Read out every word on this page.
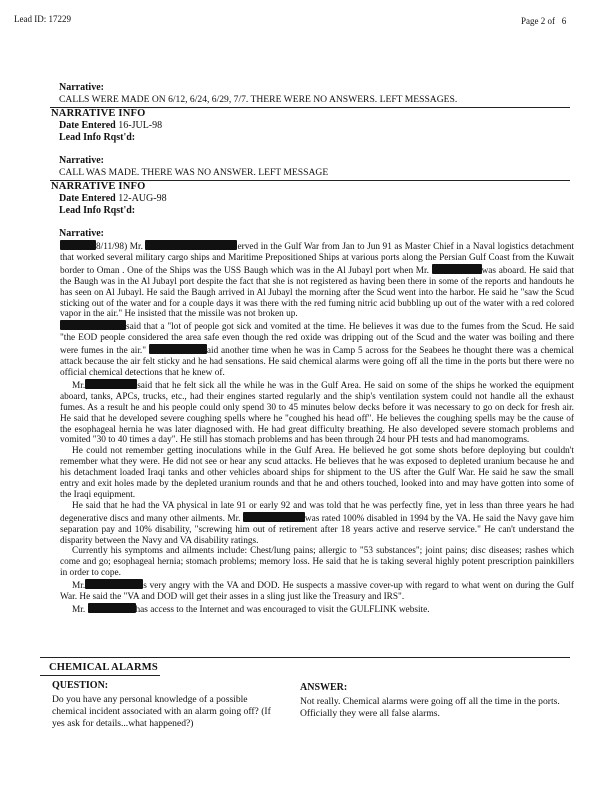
Lead ID: 17229	Page 2 of 6
Narrative:
CALLS WERE MADE ON 6/12, 6/24, 6/29, 7/7. THERE WERE NO ANSWERS. LEFT MESSAGES.
NARRATIVE INFO
Date Entered 16-JUL-98
Lead Info Rqst'd:
Narrative:
CALL WAS MADE. THERE WAS NO ANSWER. LEFT MESSAGE
NARRATIVE INFO
Date Entered 12-AUG-98
Lead Info Rqst'd:
Narrative:

8/11/98) Mr.	erved in the Gulf War from Jan to Jun 91 as Master Chief in a Naval logistics detachment that worked several military cargo ships and Maritime Prepositioned Ships at various ports along the Persian Gulf Coast from the Kuwait border to Oman . One of the Ships was the USS Baugh which was in the Al Jubayl port when Mr.	was aboard. He said that the Baugh was in the Al Jubayl port despite the fact that she is not registered as having been there in some of the reports and handouts he has seen on Al Jubayl. He said the Baugh arrived in Al Jubayl the morning after the Scud went into the harbor. He said he "saw the Scud sticking out of the water and for a couple days it was there with the red fuming nitric acid bubbling up out of the water with a red colored vapor in the air." He insisted that the missile was not broken up.

said that a "lot of people got sick and vomited at the time. He believes it was due to the fumes from the Scud. He said "the EOD people considered the area safe even though the red oxide was dripping out of the Scud and the water was boiling and there were fumes in the air."	aid another time when he was in Camp 5 across for the Seabees he thought there was a chemical attack because the air felt sticky and he had sensations. He said chemical alarms were going off all the time in the ports but there were no official chemical detections that he knew of.

Mr.	said that he felt sick all the while he was in the Gulf Area. He said on some of the ships he worked the equipment aboard, tanks, APCs, trucks, etc., had their engines started regularly and the ship's ventilation system could not handle all the exhaust fumes. As a result he and his people could only spend 30 to 45 minutes below decks before it was necessary to go on deck for fresh air. He said that he developed severe coughing spells where he "coughed his head off". He believes the coughing spells may be the cause of the esophageal hernia he was later diagnosed with. He had great difficulty breathing. He also developed severe stomach problems and vomited "30 to 40 times a day". He still has stomach problems and has been through 24 hour PH tests and had manomograms.

He could not remember getting inoculations while in the Gulf Area. He believed he got some shots before deploying but couldn't remember what they were. He did not see or hear any scud attacks. He believes that he was exposed to depleted uranium because he and his detachment loaded Iraqi tanks and other vehicles aboard ships for shipment to the US after the Gulf War. He said he saw the small entry and exit holes made by the depleted uranium rounds and that he and others touched, looked into and may have gotten into some of the Iraqi equipment.

He said that he had the VA physical in late 91 or early 92 and was told that he was perfectly fine, yet in less than three years he had degenerative discs and many other ailments. Mr.	was rated 100% disabled in 1994 by the VA. He said the Navy gave him separation pay and 10% disability, "screwing him out of retirement after 18 years active and reserve service." He can't understand the disparity between the Navy and VA disability ratings.

Currently his symptoms and ailments include: Chest/lung pains; allergic to "53 substances"; joint pains; disc diseases; rashes which come and go; esophageal hernia; stomach problems; memory loss. He said that he is taking several highly potent prescription painkillers in order to cope.

Mr.	s very angry with the VA and DOD. He suspects a massive cover-up with regard to what went on during the Gulf War. He said the "VA and DOD will get their asses in a sling just like the Treasury and IRS".

Mr.	has access to the Internet and was encouraged to visit the GULFLINK website.

CHEMICAL ALARMS
QUESTION:
Do you have any personal knowledge of a possible chemical incident associated with an alarm going off? (If yes ask for details...what happened?)
ANSWER:
Not really. Chemical alarms were going off all the time in the ports. Officially they were all false alarms.
